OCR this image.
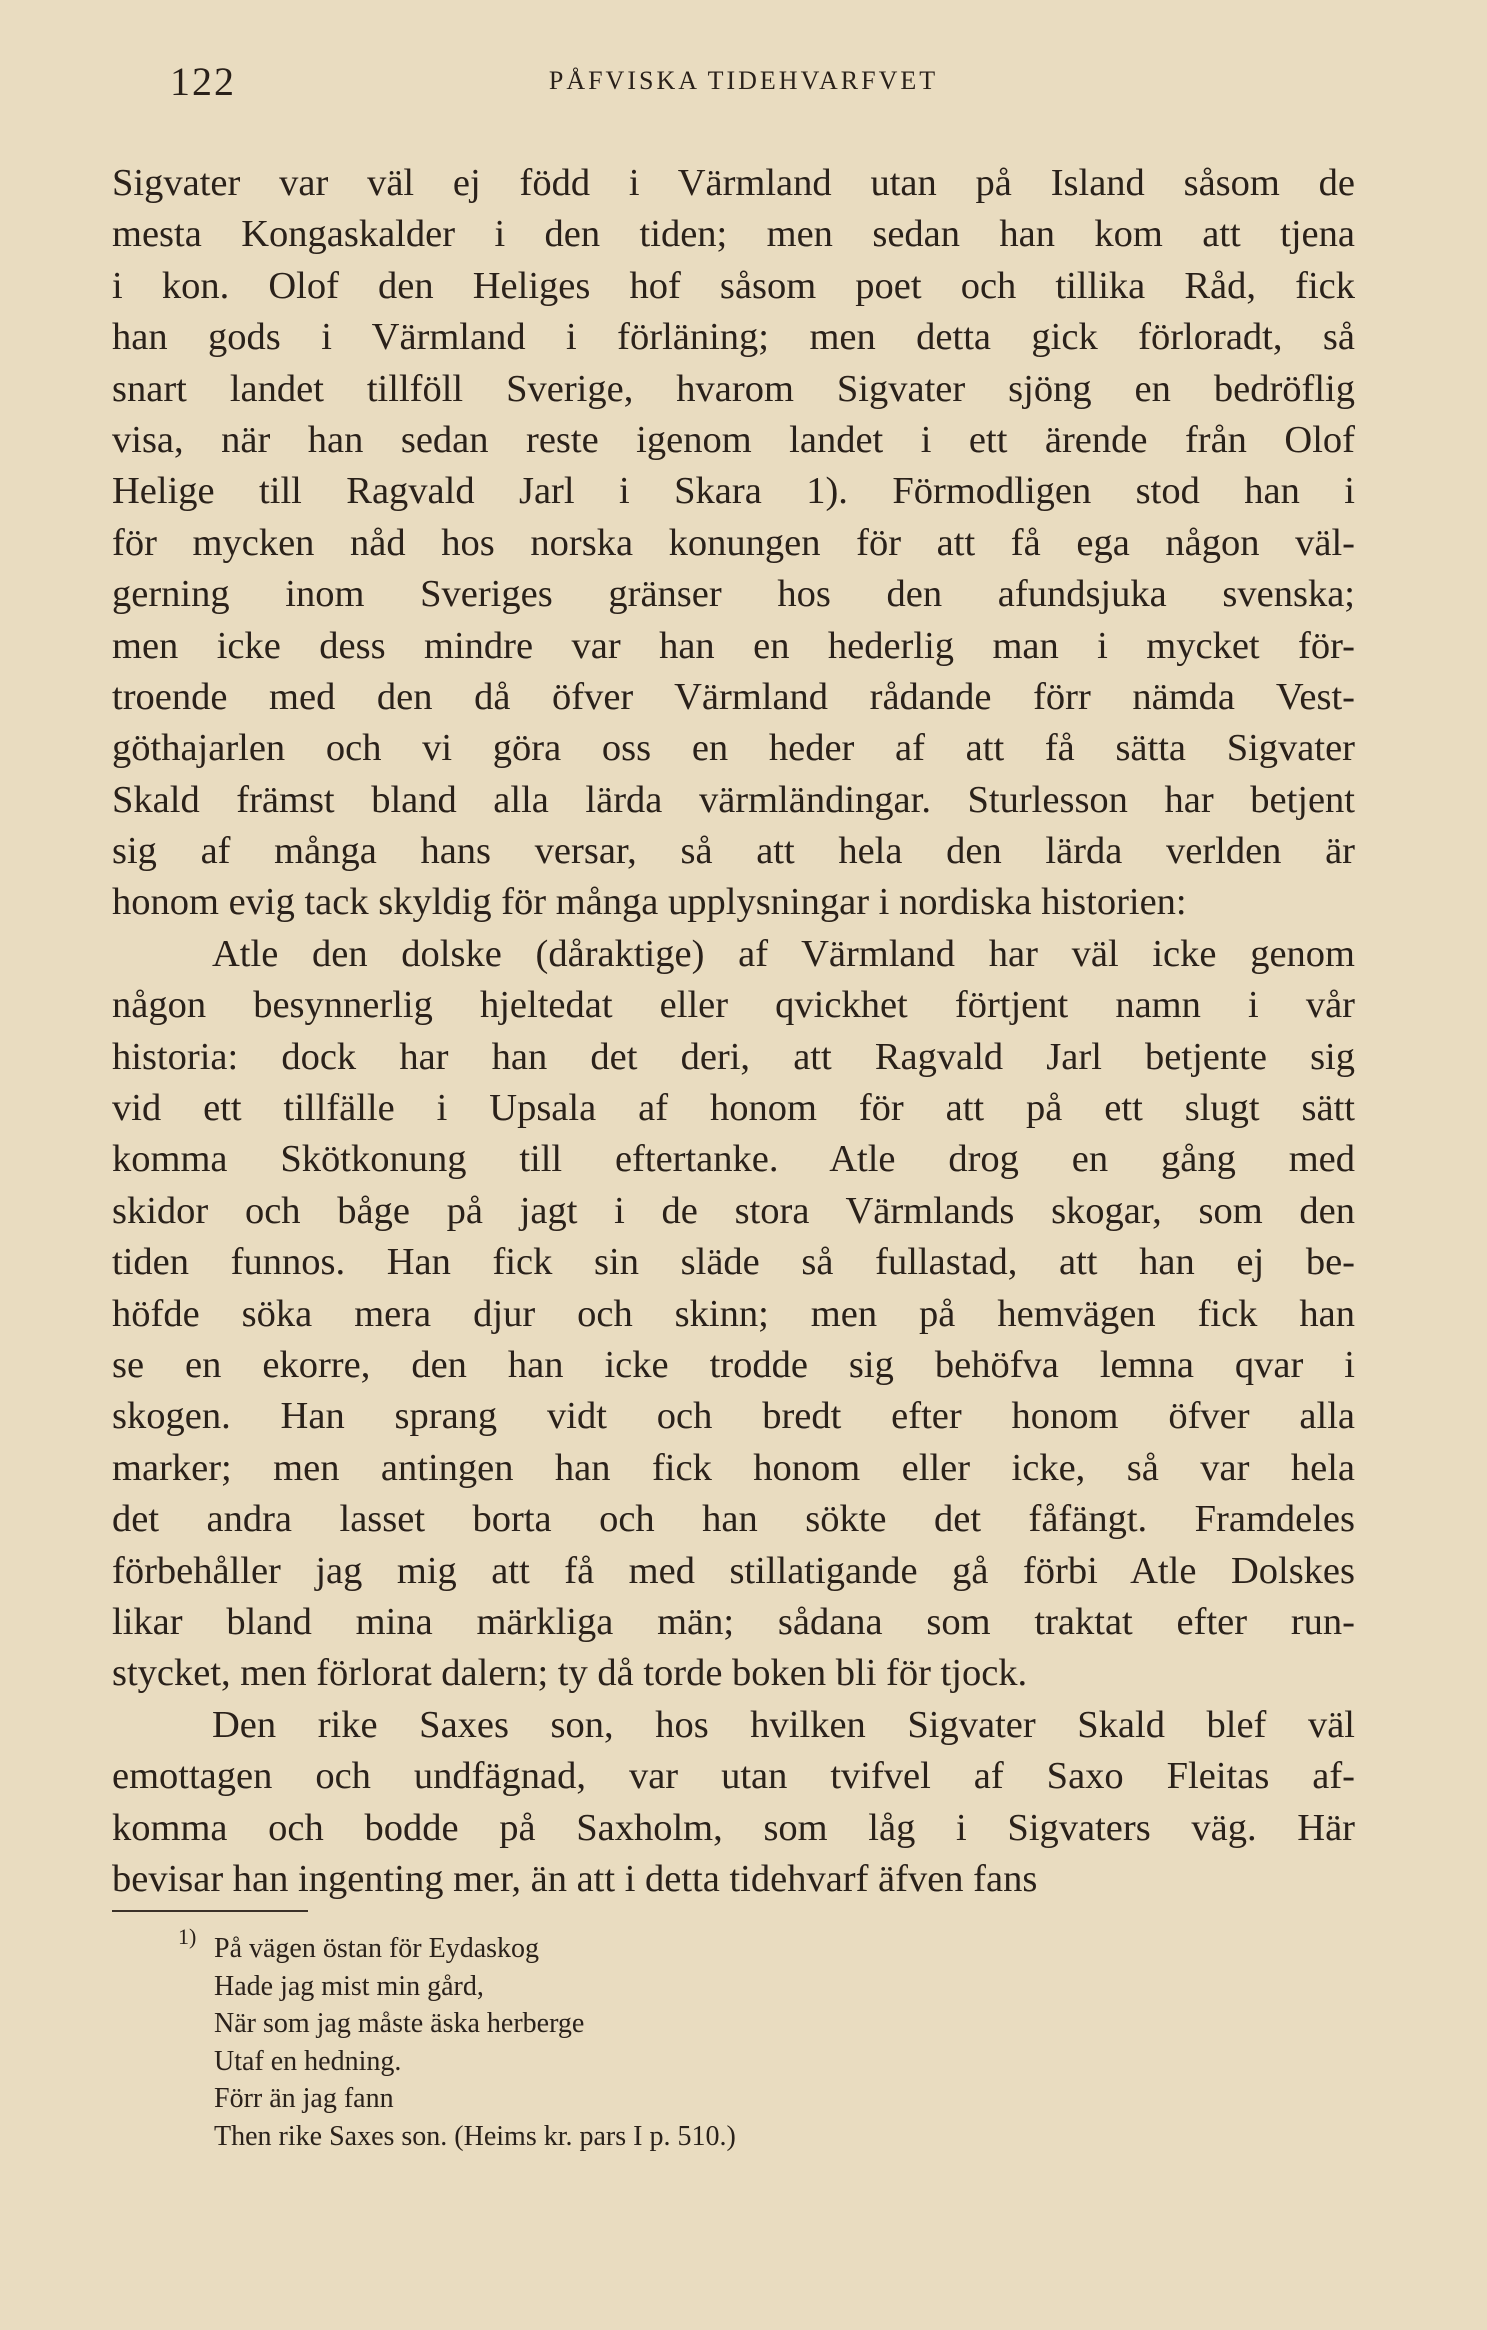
122	PÅFVISKA TIDEHVARFVET
Sigvater var väl ej född i Värmland utan på Island såsom de
mesta Kongaskalder i den tiden; men sedan han kom att tjena
i kon. Olof den Heliges hof såsom poet och tillika Råd, fick
han gods i Värmland i förläning; men detta gick förloradt, så
snart landet tillföll Sverige, hvarom Sigvater sjöng en bedröflig
visa, när han sedan reste igenom landet i ett ärende från Olof
Helige till Ragvald Jarl i Skara 1). Förmodligen stod han i
för mycken nåd hos norska konungen för att få ega någon väl-
gerning inom Sveriges gränser hos den afundsjuka svenska;
men icke dess mindre var han en hederlig man i mycket för-
troende med den då öfver Värmland rådande förr nämda Vest-
göthajarlen och vi göra oss en heder af att få sätta Sigvater
Skald främst bland alla lärda värmländingar. Sturlesson har betjent
sig af många hans versar, så att hela den lärda verlden är
honom evig tack skyldig för många upplysningar i nordiska historien:
Atle den dolske (dåraktige) af Värmland har väl icke genom
någon besynnerlig hjeltedat eller qvickhet förtjent namn i vår
historia: dock har han det deri, att Ragvald Jarl betjente sig
vid ett tillfälle i Upsala af honom för att på ett slugt sätt
komma Skötkonung till eftertanke. Atle drog en gång med
skidor och båge på jagt i de stora Värmlands skogar, som den
tiden funnos. Han fick sin släde så fullastad, att han ej be-
höfde söka mera djur och skinn; men på hemvägen fick han
se en ekorre, den han icke trodde sig behöfva lemna qvar i
skogen. Han sprang vidt och bredt efter honom öfver alla
marker; men antingen han fick honom eller icke, så var hela
det andra lasset borta och han sökte det fåfängt. Framdeles
förbehåller jag mig att få med stillatigande gå förbi Atle Dolskes
likar bland mina märkliga män; sådana som traktat efter run-
stycket, men förlorat dalern; ty då torde boken bli för tjock.
Den rike Saxes son, hos hvilken Sigvater Skald blef väl
emottagen och undfägnad, var utan tvifvel af Saxo Fleitas af-
komma och bodde på Saxholm, som låg i Sigvaters väg. Här
bevisar han ingenting mer, än att i detta tidehvarf äfven fans
1) På vägen östan för Eydaskog
Hade jag mist min gård,
När som jag måste äska herberge
Utaf en hedning.
Förr än jag fann
Then rike Saxes son. (Heims kr. pars I p. 510.)
